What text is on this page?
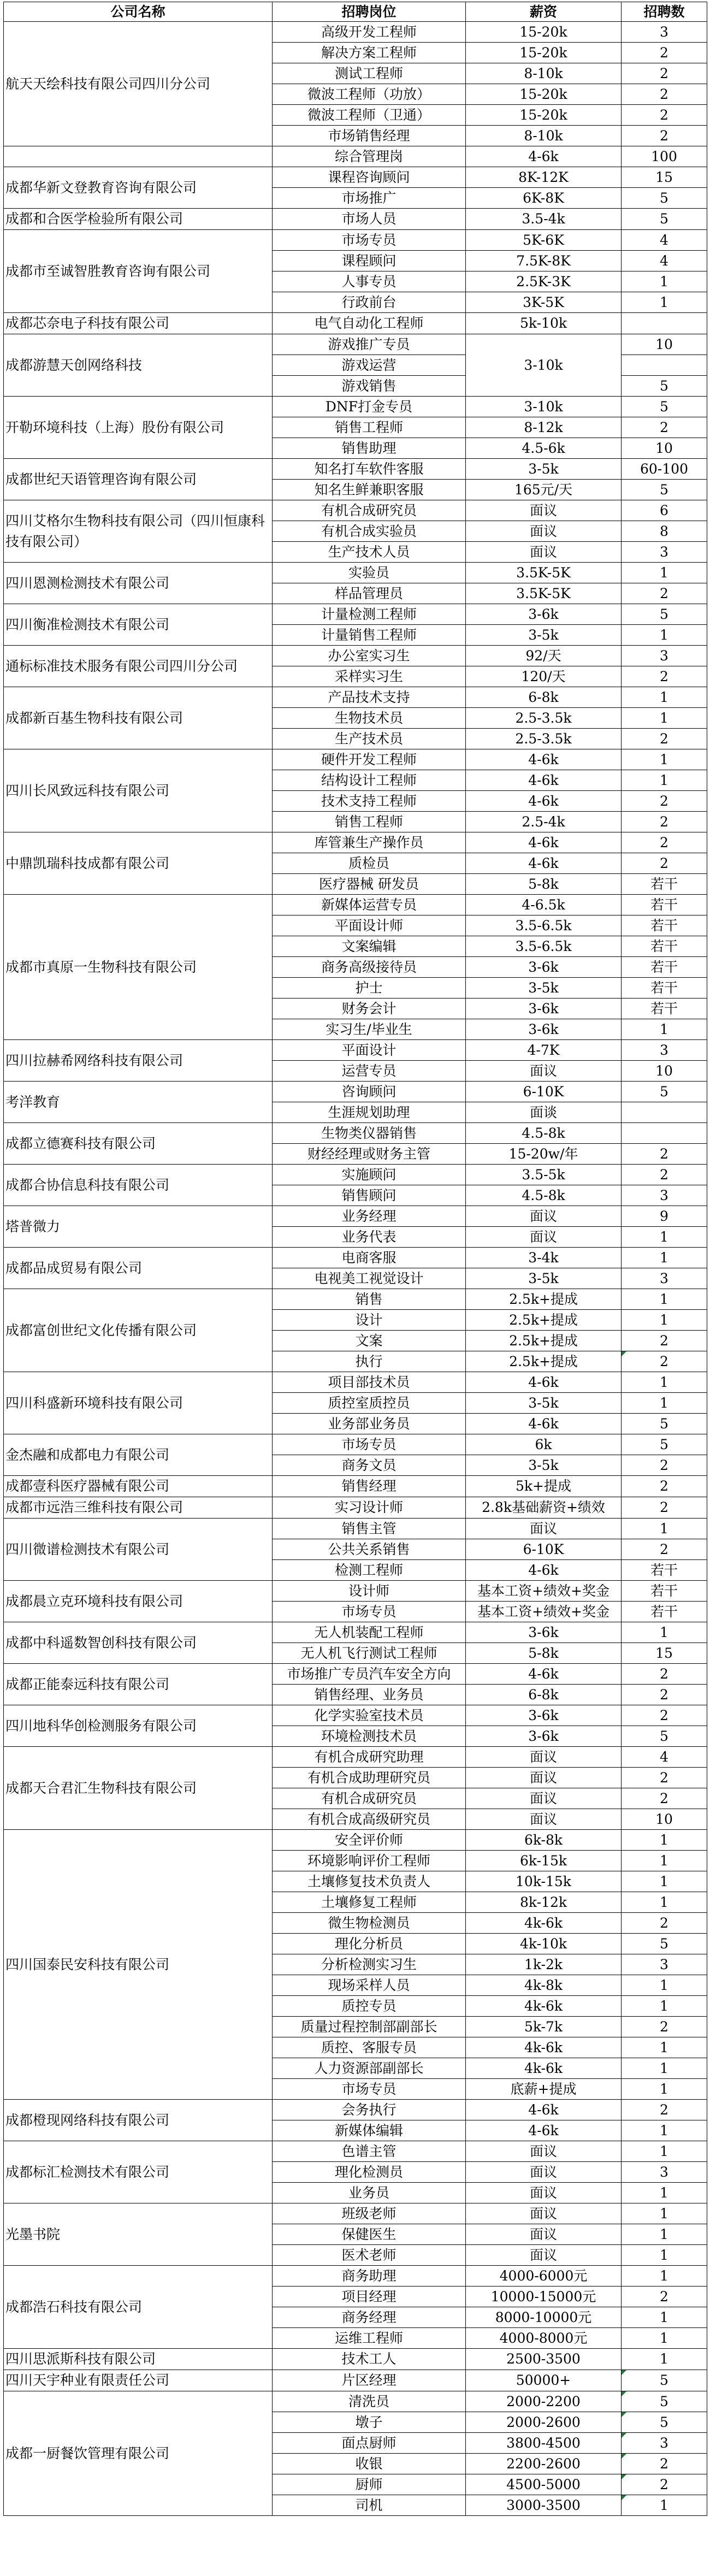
公司名称	招聘岗位	薪资	招聘数
航天天绘科技有限公司四川分公司	高级开发工程师	15-20k	3
	解决方案工程师	15-20k	2
	测试工程师	8-10k	2
	微波工程师（功放）	15-20k	2
	微波工程师（卫通）	15-20k	2
	市场销售经理	8-10k	2
	综合管理岗	4-6k	100
成都华新文登教育咨询有限公司	课程咨询顾问	8K-12K	15
	市场推广	6K-8K	5
成都和合医学检验所有限公司	市场人员	3.5-4k	5
成都市至诚智胜教育咨询有限公司	市场专员	5K-6K	4
	课程顾问	7.5K-8K	4
	人事专员	2.5K-3K	1
	行政前台	3K-5K	1
成都芯奈电子科技有限公司	电气自动化工程师	5k-10k	
成都游慧天创网络科技	游戏推广专员	3-10k	10
	游戏运营		
	游戏销售		5
开勒环境科技（上海）股份有限公司	DNF打金专员	3-10k	5
	销售工程师	8-12k	2
	销售助理	4.5-6k	10
成都世纪天语管理咨询有限公司	知名打车软件客服	3-5k	60-100
	知名生鲜兼职客服	165元/天	5
四川艾格尔生物科技有限公司（四川恒康科技有限公司）	有机合成研究员	面议	6
	有机合成实验员	面议	8
	生产技术人员	面议	3
四川恩测检测技术有限公司	实验员	3.5K-5K	1
	样品管理员	3.5K-5K	2
四川衡准检测技术有限公司	计量检测工程师	3-6k	5
	计量销售工程师	3-5k	1
通标标准技术服务有限公司四川分公司	办公室实习生	92/天	3
	采样实习生	120/天	2
成都新百基生物科技有限公司	产品技术支持	6-8k	1
	生物技术员	2.5-3.5k	1
	生产技术员	2.5-3.5k	2
四川长风致远科技有限公司	硬件开发工程师	4-6k	1
	结构设计工程师	4-6k	1
	技术支持工程师	4-6k	2
	销售工程师	2.5-4k	2
中鼎凯瑞科技成都有限公司	库管兼生产操作员	4-6k	2
	质检员	4-6k	2
	医疗器械 研发员	5-8k	若干
成都市真原一生物科技有限公司	新媒体运营专员	4-6.5k	若干
	平面设计师	3.5-6.5k	若干
	文案编辑	3.5-6.5k	若干
	商务高级接待员	3-6k	若干
	护士	3-5k	若干
	财务会计	3-6k	若干
	实习生/毕业生	3-6k	1
四川拉赫希网络科技有限公司	平面设计	4-7K	3
	运营专员	面议	10
考洋教育	咨询顾问	6-10K	5
	生涯规划助理	面谈	
成都立德赛科技有限公司	生物类仪器销售	4.5-8k	
	财经经理或财务主管	15-20w/年	2
成都合协信息科技有限公司	实施顾问	3.5-5k	2
	销售顾问	4.5-8k	3
塔普微力	业务经理	面议	9
	业务代表	面议	1
成都品成贸易有限公司	电商客服	3-4k	1
	电视美工视觉设计	3-5k	3
成都富创世纪文化传播有限公司	销售	2.5k+提成	1
	设计	2.5k+提成	1
	文案	2.5k+提成	2
	执行	2.5k+提成	2
四川科盛新环境科技有限公司	项目部技术员	4-6k	1
	质控室质控员	3-5k	1
	业务部业务员	4-6k	5
金杰融和成都电力有限公司	市场专员	6k	5
	商务文员	3-5k	2
成都壹科医疗器械有限公司	销售经理	5k+提成	2
成都市远浩三维科技有限公司	实习设计师	2.8k基础薪资+绩效	2
四川微谱检测技术有限公司	销售主管	面议	1
	公共关系销售	6-10K	2
	检测工程师	4-6k	若干
成都晨立克环境科技有限公司	设计师	基本工资+绩效+奖金	若干
	市场专员	基本工资+绩效+奖金	若干
成都中科遥数智创科技有限公司	无人机装配工程师	3-6k	1
	无人机飞行测试工程师	5-8k	15
成都正能泰远科技有限公司	市场推广专员汽车安全方向	4-6k	2
	销售经理、业务员	6-8k	2
四川地科华创检测服务有限公司	化学实验室技术员	3-6k	2
	环境检测技术员	3-6k	5
成都天合君汇生物科技有限公司	有机合成研究助理	面议	4
	有机合成助理研究员	面议	2
	有机合成研究员	面议	2
	有机合成高级研究员	面议	10
四川国泰民安科技有限公司	安全评价师	6k-8k	1
	环境影响评价工程师	6k-15k	1
	土壤修复技术负责人	10k-15k	1
	土壤修复工程师	8k-12k	1
	微生物检测员	4k-6k	2
	理化分析员	4k-10k	5
	分析检测实习生	1k-2k	3
	现场采样人员	4k-8k	1
	质控专员	4k-6k	1
	质量过程控制部副部长	5k-7k	2
	质控、客服专员	4k-6k	1
	人力资源部副部长	4k-6k	1
	市场专员	底薪+提成	1
成都橙现网络科技有限公司	会务执行	4-6k	2
	新媒体编辑	4-6k	1
成都标汇检测技术有限公司	色谱主管	面议	1
	理化检测员	面议	3
	业务员	面议	1
光墨书院	班级老师	面议	1
	保健医生	面议	1
	医术老师	面议	1
成都浩石科技有限公司	商务助理	4000-6000元	1
	项目经理	10000-15000元	2
	商务经理	8000-10000元	1
	运维工程师	4000-8000元	1
四川思派斯科技有限公司	技术工人	2500-3500	1
四川天宇种业有限责任公司	片区经理	50000+	5
成都一厨餐饮管理有限公司	清洗员	2000-2200	5
	墩子	2000-2600	5
	面点厨师	3800-4500	3
	收银	2200-2600	2
	厨师	4500-5000	2
	司机	3000-3500	1
